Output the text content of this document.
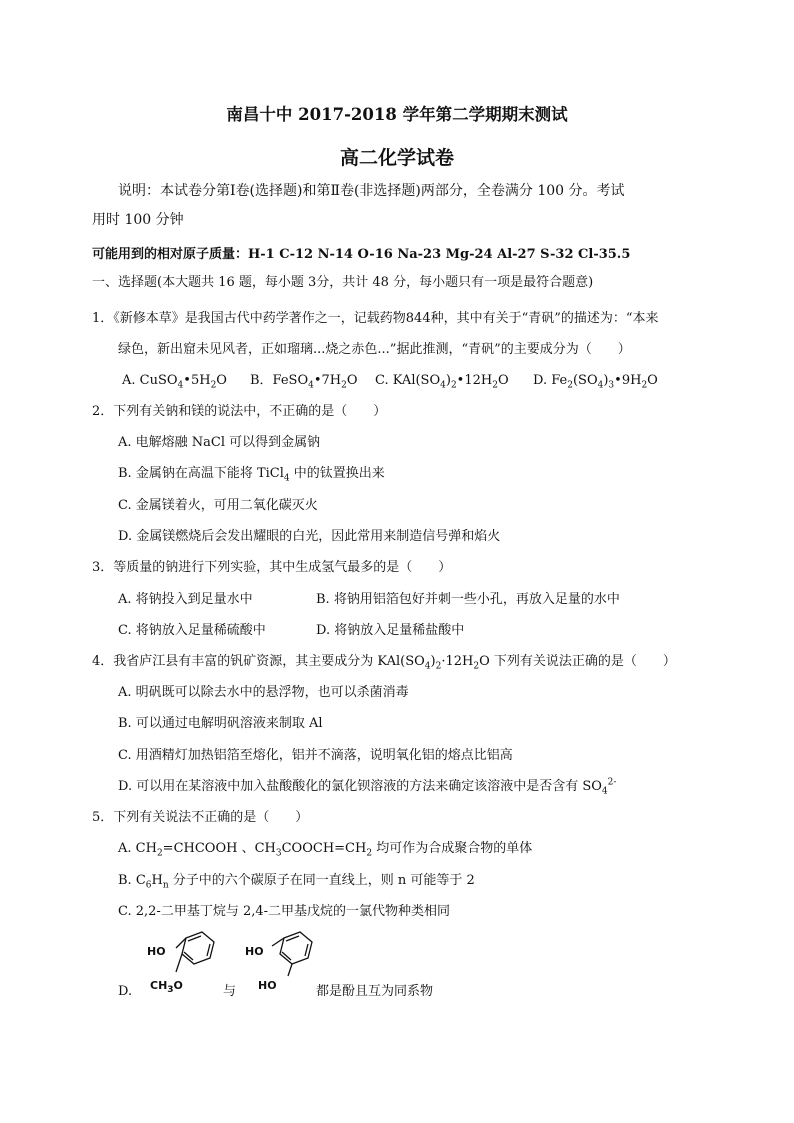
南昌十中 2017-2018 学年第二学期期末测试
高二化学试卷
说明：本试卷分第Ⅰ卷(选择题)和第Ⅱ卷(非选择题)两部分，全卷满分 100 分。考试
用时 100 分钟
可能用到的相对原子质量：H-1 C-12 N-14 O-16 Na-23 Mg-24 Al-27 S-32 Cl-35.5
一、选择题(本大题共 16 题，每小题 3分，共计 48 分，每小题只有一项是最符合题意)
1．《新修本草》是我国古代中药学著作之一，记载药物844种，其中有关于“青矾”的描述为：“本来
绿色，新出窟未见风者，正如瑠璃...烧之赤色...”据此推测，“青矾”的主要成分为（　　）
A. $CuSO_4•5H_2O$ B．$FeSO_4•7H_2O$ C. $KAl(SO_4)_2•12H_2O$ D. $Fe_2(SO_4)_3•9H_2O$
2．下列有关钠和镁的说法中，不正确的是（　　）
A. 电解熔融 NaCl 可以得到金属钠
B. 金属钠在高温下能将 TiCl$_4$ 中的钛置换出来
C. 金属镁着火，可用二氧化碳灭火
D. 金属镁燃烧后会发出耀眼的白光，因此常用来制造信号弹和焰火
3．等质量的钠进行下列实验，其中生成氢气最多的是（　　）
A. 将钠投入到足量水中	B. 将钠用铝箔包好并刺一些小孔，再放入足量的水中
C. 将钠放入足量稀硫酸中	D. 将钠放入足量稀盐酸中
4．我省庐江县有丰富的钒矿资源，其主要成分为 $KAl(SO_4)_2\cdot 12H_2O$ 下列有关说法正确的是（　　）
A. 明矾既可以除去水中的悬浮物，也可以杀菌消毒
B. 可以通过电解明矾溶液来制取 Al
C. 用酒精灯加热铝箔至熔化，铝并不滴落，说明氧化铝的熔点比铝高
D. 可以用在某溶液中加入盐酸酸化的氯化钡溶液的方法来确定该溶液中是否含有 $SO_4^{2-}$
5．下列有关说法不正确的是（　　）
A. $CH_2=CHCOOH$ 、$CH_3COOCH=CH_2$ 均可作为合成聚合物的单体
B. $C_6H_n$ 分子中的六个碳原子在同一直线上，则 n 可能等于 2
C. 2,2-二甲基丁烷与 2,4-二甲基戊烷的一氯代物种类相同
D.
HO
$CH_3O$	与
HO
HO	都是酚且互为同系物
